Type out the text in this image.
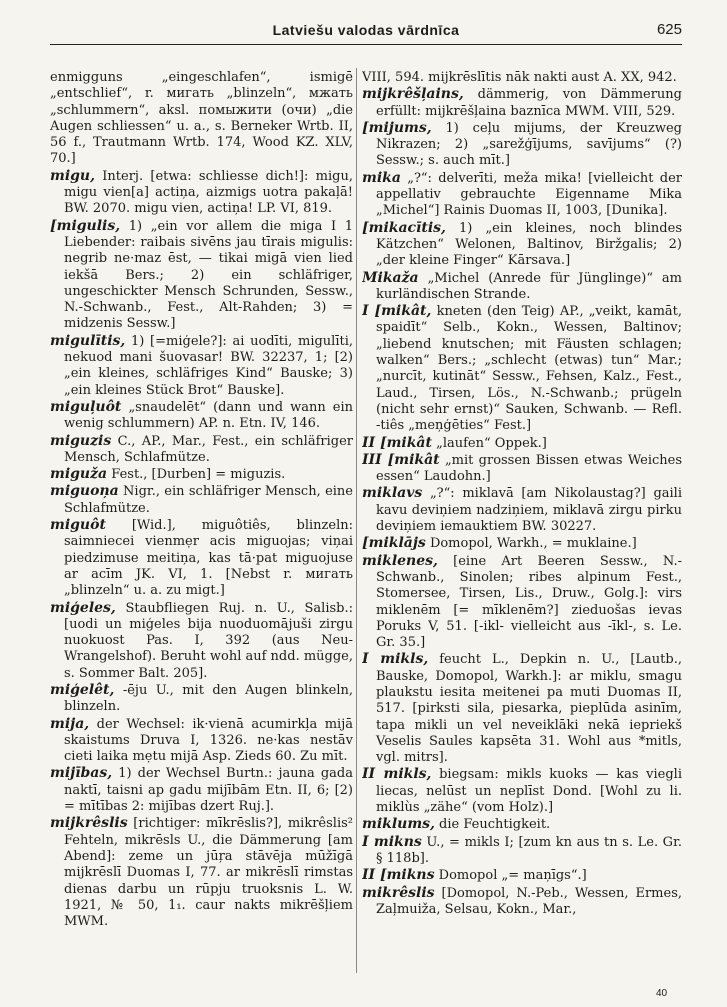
Latviešu valodas vārdnīca	625

enmigguns „eingeschlafen“, ismigē „entschlief“, r. мигать „blinzeln“, мжать „schlummern“, aksl. помыжити (очи) „die Augen schliessen“ u. a., s. Berneker Wrtb. II, 56 f., Trautmann Wrtb. 174, Wood KZ. XLV, 70.]

migu, Interj. [etwa: schliesse dich!]: migu, migu vien[a] actiņa, aizmigs uotra pakaļā! BW. 2070. migu vien, actiņa! LP. VI, 819.

[migulis, 1) „ein vor allem die miga I 1 Liebender: raibais sivēns jau tīrais migulis: negrib ne·maz ēst, — tikai migā vien lied iekšā Bers.; 2) ein schläfriger, ungeschickter Mensch Schrunden, Sessw., N.-Schwanb., Fest., Alt-Rahden; 3) = midzenis Sessw.]

migulītis, 1) [=miģele?]: ai uodīti, migulīti, nekuod mani šuovasar! BW. 32237, 1; [2) „ein kleines, schläfriges Kind“ Bauske; 3) „ein kleines Stück Brot“ Bauske].

miguļuôt „snaudelēt“ (dann und wann ein wenig schlummern) AP. n. Etn. IV, 146.

miguzis C., AP., Mar., Fest., ein schläfriger Mensch, Schlafmütze.

miguža Fest., [Durben] = miguzis.

miguoņa Nigr., ein schläfriger Mensch, eine Schlafmütze.

miguôt [Wid.], miguôtiês, blinzeln: saimniecei vienmẹr acis miguojas; viņai piedzimuse meitiņa, kas tā·pat miguojuse ar acīm JK. VI, 1. [Nebst r. мигать „blinzeln“ u. a. zu migt.]

miģeles, Staubfliegen Ruj. n. U., Salisb.: [uodi un miģeles bija nuoduomājuši zirgu nuokuost Pas. I, 392 (aus Neu-Wrangelshof). Beruht wohl auf ndd. mügge, s. Sommer Balt. 205].

miģelêt, -ēju U., mit den Augen blinkeln, blinzeln.

mija, der Wechsel: ik·vienā acumirkļa mijā skaistums Druva I, 1326. ne·kas nestāv cieti laika mẹtu mijā Asp. Zieds 60. Zu mīt.

mijības, 1) der Wechsel Burtn.: jauna gada naktī, taisni ap gadu mijībām Etn. II, 6; [2) = mītības 2: mijības dzert Ruj.].

mijkrêslis [richtiger: mīkrēslis?], mikrêslis² Fehteln, mikrēsls U., die Dämmerung [am Abend]: zeme un jūŗa stāvēja mūžīgā mijkrēslī Duomas I, 77. ar mikrēslī rimstas dienas darbu un rūpju truoksnis L. W. 1921, № 50, 1₁. caur nakts mikrēšļiem MWM.

VIII, 594. mijkrēslītis nāk nakti aust A. XX, 942.

mijkrêšļains, dämmerig, von Dämmerung erfüllt: mijkrēšļaina baznīca MWM. VIII, 529.

[mijums, 1) ceļu mijums, der Kreuzweg Nikrazen; 2) „sarežģījums, savījums“ (?) Sessw.; s. auch mīt.]

mika „?“: delverīti, meža mika! [vielleicht der appellativ gebrauchte Eigenname Mika „Michel“] Rainis Duomas II, 1003, [Dunika].

[mikacītis, 1) „ein kleines, noch blindes Kätzchen“ Welonen, Baltinov, Biržgalis; 2) „der kleine Finger“ Kārsava.]

Mikaža „Michel (Anrede für Jünglinge)“ am kurländischen Strande.

I [mikât, kneten (den Teig) AP., „veikt, kamāt, spaidīt“ Selb., Kokn., Wessen, Baltinov; „liebend knutschen; mit Fäusten schlagen; walken“ Bers.; „schlecht (etwas) tun“ Mar.; „nurcīt, kutināt“ Sessw., Fehsen, Kalz., Fest., Laud., Tirsen, Lös., N.-Schwanb.; prügeln (nicht sehr ernst)“ Sauken, Schwanb. — Refl. -tiês „meņģēties“ Fest.]

II [mikât „laufen“ Oppek.]

III [mikât „mit grossen Bissen etwas Weiches essen“ Laudohn.]

miklavs „?“: miklavā [am Nikolaustag?] gaili kavu deviņiem nadziņiem, miklavā zirgu pirku deviņiem iemauktiem BW. 30227.

[miklājs Domopol, Warkh., = muklaine.]

miklenes, [eine Art Beeren Sessw., N.-Schwanb., Sinolen; ribes alpinum Fest., Stomersee, Tirsen, Lis., Druw., Golg.]: virs miklenēm [= mīklenēm?] zieduošas ievas Poruks V, 51. [-ikl- vielleicht aus -īkl-, s. Le. Gr. 35.]

I mikls, feucht L., Depkin n. U., [Lautb., Bauske, Domopol, Warkh.]: ar miklu, smagu plaukstu iesita meitenei pa muti Duomas II, 517. [pirksti sila, piesarka, pieplūda asinīm, tapa mikli un vel neveiklāki nekā iepriekš Veselis Saules kapsēta 31. Wohl aus *mitls, vgl. mitrs].

II mikls, biegsam: mikls kuoks — kas viegli liecas, nelūst un neplīst Dond. [Wohl zu li. miklùs „zähe“ (vom Holz).]

miklums, die Feuchtigkeit.

I mikns U., = mikls I; [zum kn aus tn s. Le. Gr. § 118b].

II [mikns Domopol „= maņīgs“.]

mikrêslis [Domopol, N.-Peb., Wessen, Ermes, Zaļmuiža, Selsau, Kokn., Mar.,

40
